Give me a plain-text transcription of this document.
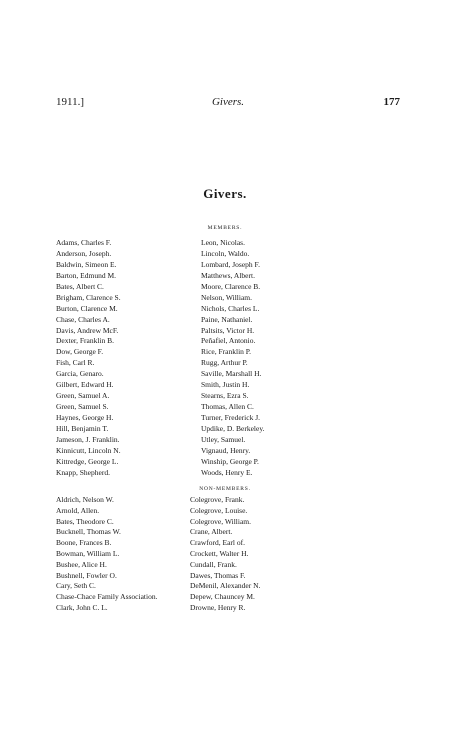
1911.]	Givers.	177
Givers.
MEMBERS.
Adams, Charles F.
Anderson, Joseph.
Baldwin, Simeon E.
Barton, Edmund M.
Bates, Albert C.
Brigham, Clarence S.
Burton, Clarence M.
Chase, Charles A.
Davis, Andrew McF.
Dexter, Franklin B.
Dow, George F.
Fish, Carl R.
Garcia, Genaro.
Gilbert, Edward H.
Green, Samuel A.
Green, Samuel S.
Haynes, George H.
Hill, Benjamin T.
Jameson, J. Franklin.
Kinnicutt, Lincoln N.
Kittredge, George L.
Knapp, Shepherd.
Leon, Nicolas.
Lincoln, Waldo.
Lombard, Joseph F.
Matthews, Albert.
Moore, Clarence B.
Nelson, William.
Nichols, Charles L.
Paine, Nathaniel.
Paltsits, Victor H.
Peñafiel, Antonio.
Rice, Franklin P.
Rugg, Arthur P.
Saville, Marshall H.
Smith, Justin H.
Stearns, Ezra S.
Thomas, Allen C.
Turner, Frederick J.
Updike, D. Berkeley.
Utley, Samuel.
Vignaud, Henry.
Winship, George P.
Woods, Henry E.
NON-MEMBERS.
Aldrich, Nelson W.
Arnold, Allen.
Bates, Theodore C.
Bucknell, Thomas W.
Boone, Frances B.
Bowman, William L.
Bushee, Alice H.
Bushnell, Fowler O.
Cary, Seth C.
Chase-Chace Family Association.
Clark, John C. L.
Colegrove, Frank.
Colegrove, Louise.
Colegrove, William.
Crane, Albert.
Crawford, Earl of.
Crockett, Walter H.
Cundall, Frank.
Dawes, Thomas F.
DeMenil, Alexander N.
Depew, Chauncey M.
Drowne, Henry R.
